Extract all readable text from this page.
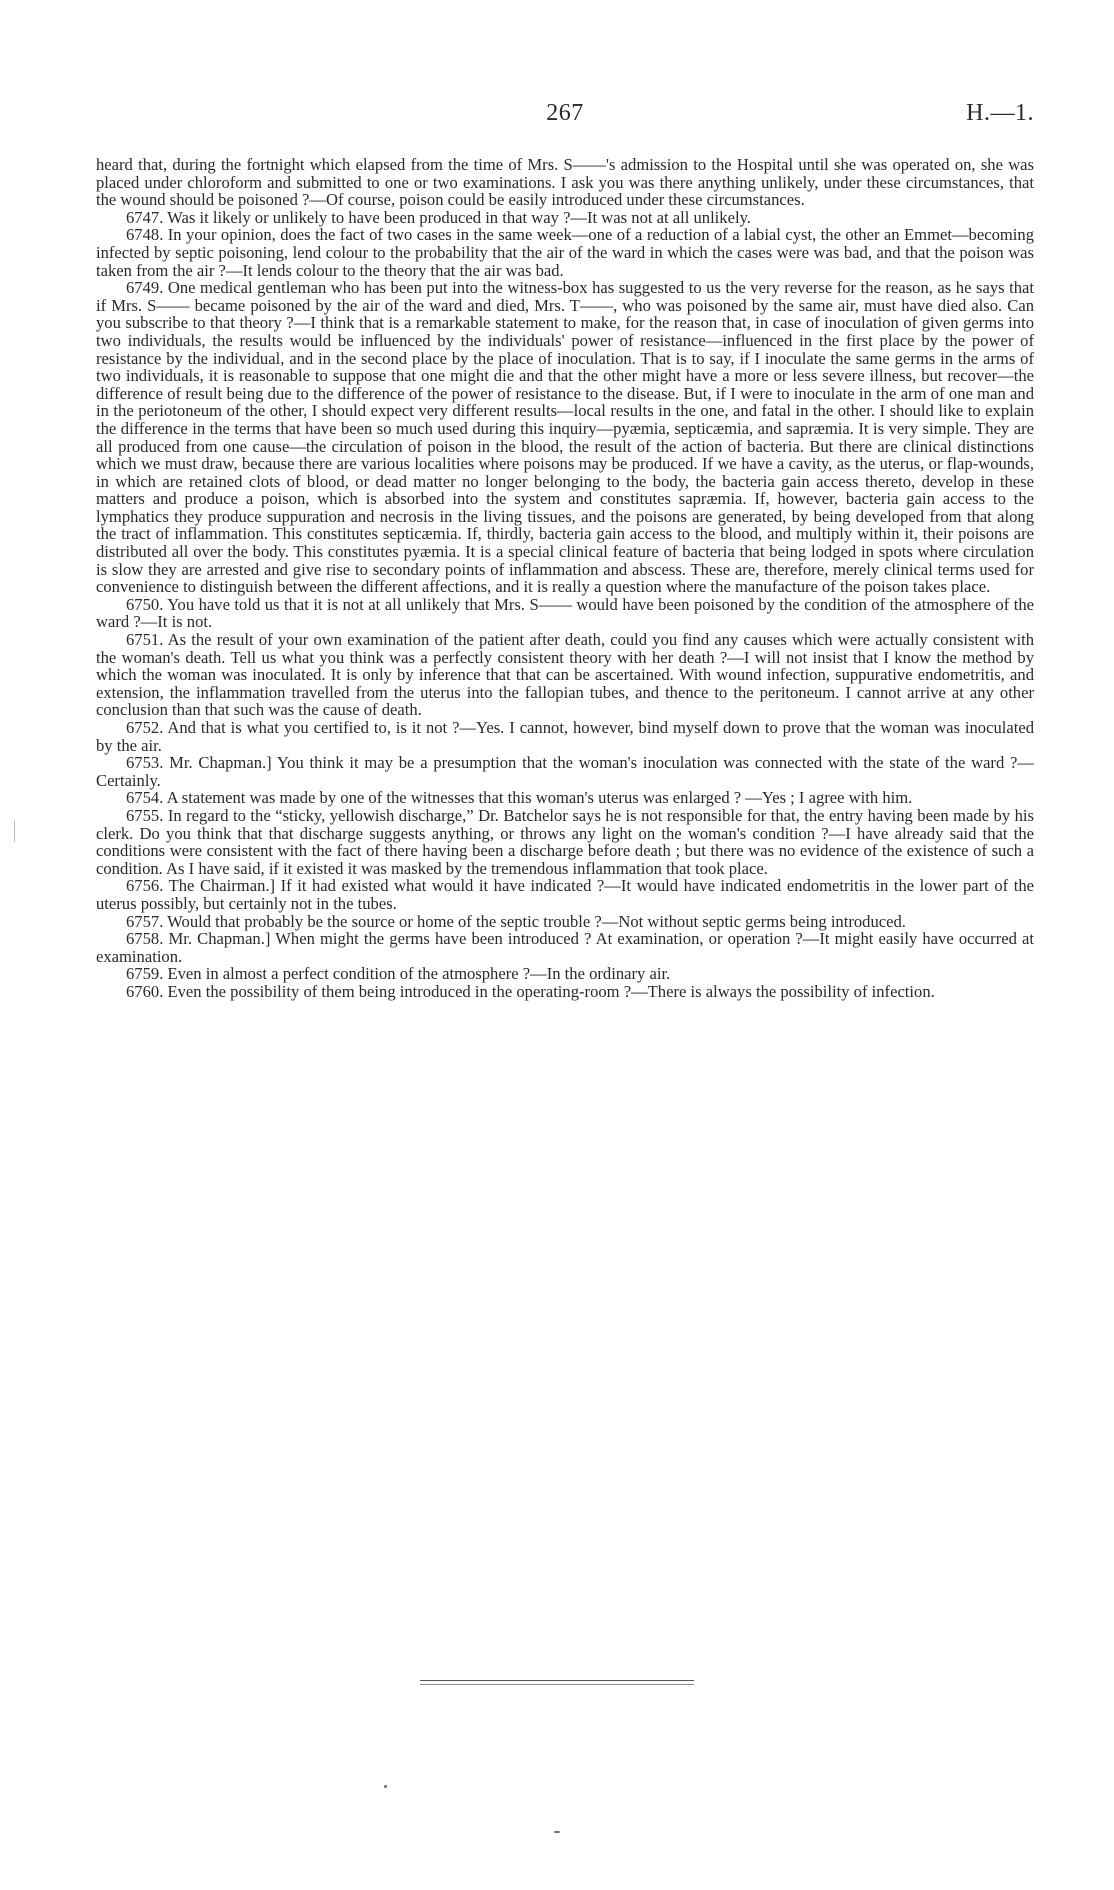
267	H.—1.

heard that, during the fortnight which elapsed from the time of Mrs. S——'s admission to the Hospital until she was operated on, she was placed under chloroform and submitted to one or two examinations. I ask you was there anything unlikely, under these circumstances, that the wound should be poisoned ?—Of course, poison could be easily introduced under these circumstances.

6747. Was it likely or unlikely to have been produced in that way ?—It was not at all unlikely.

6748. In your opinion, does the fact of two cases in the same week—one of a reduction of a labial cyst, the other an Emmet—becoming infected by septic poisoning, lend colour to the probability that the air of the ward in which the cases were was bad, and that the poison was taken from the air ?—It lends colour to the theory that the air was bad.

6749. One medical gentleman who has been put into the witness-box has suggested to us the very reverse for the reason, as he says that if Mrs. S—— became poisoned by the air of the ward and died, Mrs. T——, who was poisoned by the same air, must have died also. Can you subscribe to that theory ?—I think that is a remarkable statement to make, for the reason that, in case of inoculation of given germs into two individuals, the results would be influenced by the individuals' power of resistance—influenced in the first place by the power of resistance by the individual, and in the second place by the place of inoculation. That is to say, if I inoculate the same germs in the arms of two individuals, it is reasonable to suppose that one might die and that the other might have a more or less severe illness, but recover—the difference of result being due to the difference of the power of resistance to the disease. But, if I were to inoculate in the arm of one man and in the periotoneum of the other, I should expect very different results—local results in the one, and fatal in the other. I should like to explain the difference in the terms that have been so much used during this inquiry—pyæmia, septicæmia, and sapræmia. It is very simple. They are all produced from one cause—the circulation of poison in the blood, the result of the action of bacteria. But there are clinical distinctions which we must draw, because there are various localities where poisons may be produced. If we have a cavity, as the uterus, or flap-wounds, in which are retained clots of blood, or dead matter no longer belonging to the body, the bacteria gain access thereto, develop in these matters and produce a poison, which is absorbed into the system and constitutes sapræmia. If, however, bacteria gain access to the lymphatics they produce suppuration and necrosis in the living tissues, and the poisons are generated, by being developed from that along the tract of inflammation. This constitutes septicæmia. If, thirdly, bacteria gain access to the blood, and multiply within it, their poisons are distributed all over the body. This constitutes pyæmia. It is a special clinical feature of bacteria that being lodged in spots where circulation is slow they are arrested and give rise to secondary points of inflammation and abscess. These are, therefore, merely clinical terms used for convenience to distinguish between the different affections, and it is really a question where the manufacture of the poison takes place.

6750. You have told us that it is not at all unlikely that Mrs. S—— would have been poisoned by the condition of the atmosphere of the ward ?—It is not.

6751. As the result of your own examination of the patient after death, could you find any causes which were actually consistent with the woman's death. Tell us what you think was a perfectly consistent theory with her death ?—I will not insist that I know the method by which the woman was inoculated. It is only by inference that that can be ascertained. With wound infection, suppurative endometritis, and extension, the inflammation travelled from the uterus into the fallopian tubes, and thence to the peritoneum. I cannot arrive at any other conclusion than that such was the cause of death.

6752. And that is what you certified to, is it not ?—Yes. I cannot, however, bind myself down to prove that the woman was inoculated by the air.

6753. Mr. Chapman.] You think it may be a presumption that the woman's inoculation was connected with the state of the ward ?—Certainly.

6754. A statement was made by one of the witnesses that this woman's uterus was enlarged ? —Yes ; I agree with him.

6755. In regard to the “sticky, yellowish discharge,” Dr. Batchelor says he is not responsible for that, the entry having been made by his clerk. Do you think that that discharge suggests anything, or throws any light on the woman's condition ?—I have already said that the conditions were consistent with the fact of there having been a discharge before death ; but there was no evidence of the existence of such a condition. As I have said, if it existed it was masked by the tremendous inflammation that took place.

6756. The Chairman.] If it had existed what would it have indicated ?—It would have indicated endometritis in the lower part of the uterus possibly, but certainly not in the tubes.

6757. Would that probably be the source or home of the septic trouble ?—Not without septic germs being introduced.

6758. Mr. Chapman.] When might the germs have been introduced ? At examination, or operation ?—It might easily have occurred at examination.

6759. Even in almost a perfect condition of the atmosphere ?—In the ordinary air.

6760. Even the possibility of them being introduced in the operating-room ?—There is always the possibility of infection.
